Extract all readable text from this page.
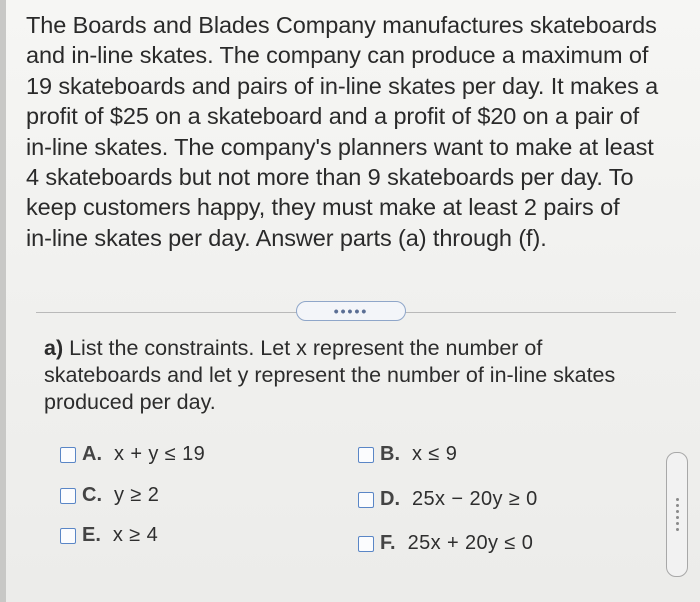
The Boards and Blades Company manufactures skateboards
and in-line skates. The company can produce a maximum of
19 skateboards and pairs of in-line skates per day. It makes a
profit of $25 on a skateboard and a profit of $20 on a pair of
in-line skates. The company's planners want to make at least
4 skateboards but not more than 9 skateboards per day. To
keep customers happy, they must make at least 2 pairs of
in-line skates per day. Answer parts (a) through (f).
•••••
a) List the constraints. Let x represent the number of
skateboards and let y represent the number of in-line skates
produced per day.
A. x + y ≤ 19	B. x ≤ 9
C. y ≥ 2	D. 25x − 20y ≥ 0
E. x ≥ 4	F. 25x + 20y ≤ 0
